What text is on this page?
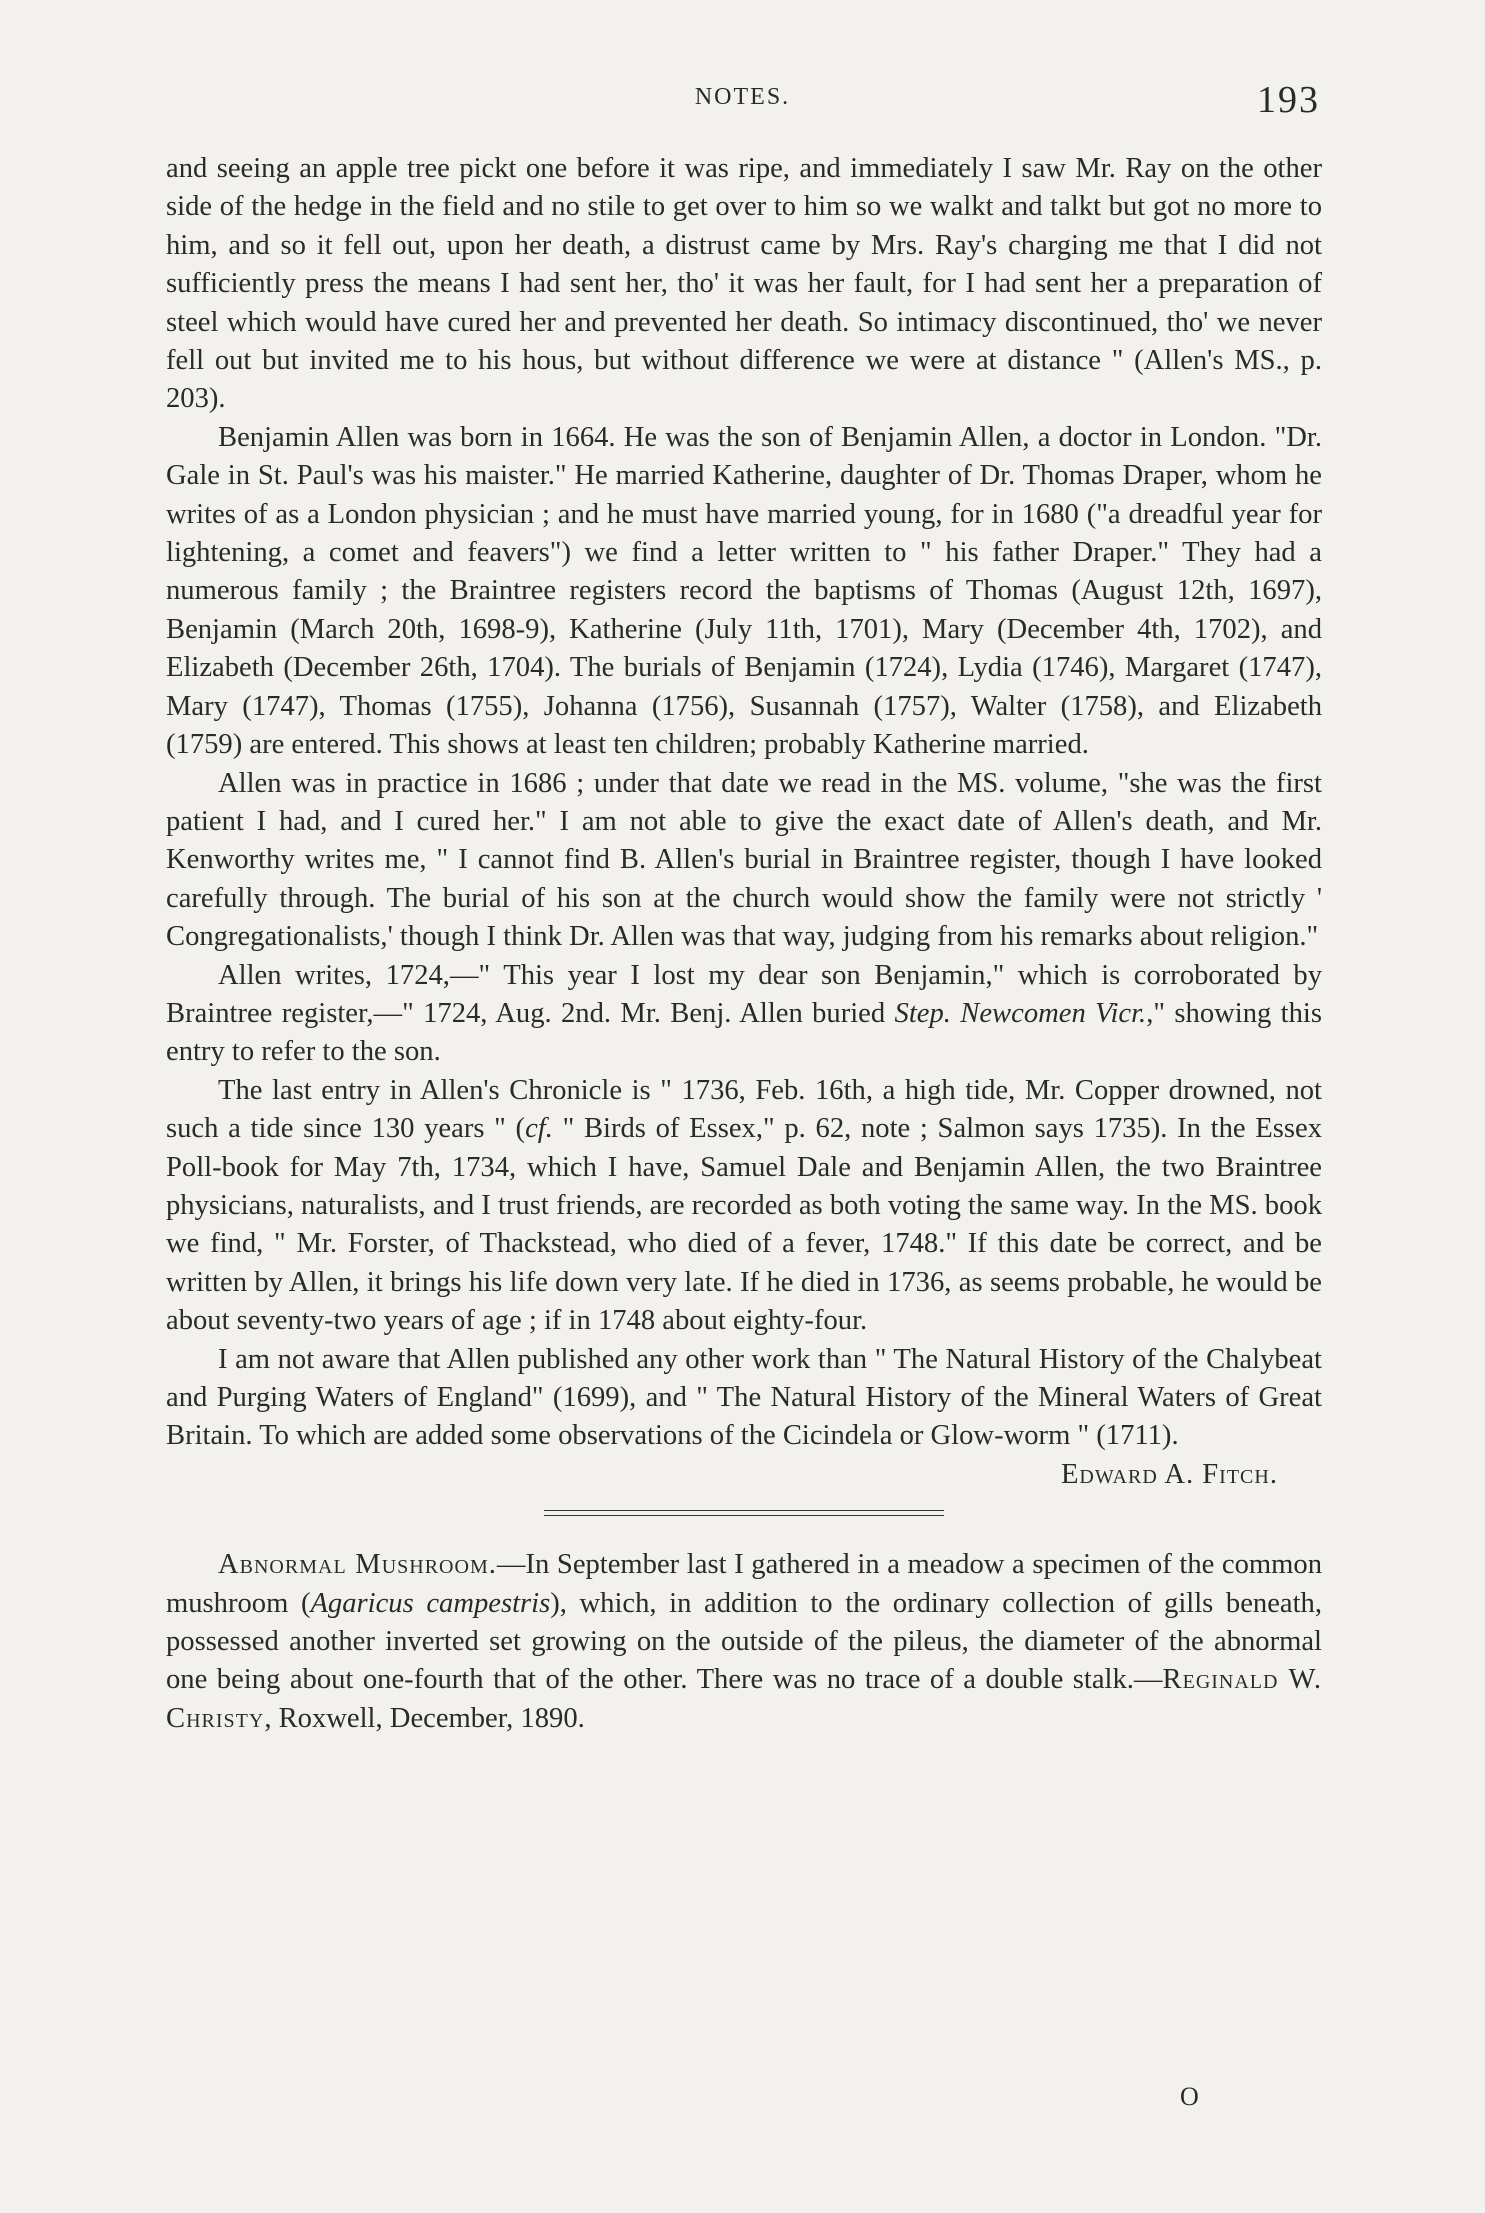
NOTES.	193

and seeing an apple tree pickt one before it was ripe, and immediately I saw Mr. Ray on the other side of the hedge in the field and no stile to get over to him so we walkt and talkt but got no more to him, and so it fell out, upon her death, a distrust came by Mrs. Ray's charging me that I did not sufficiently press the means I had sent her, tho' it was her fault, for I had sent her a preparation of steel which would have cured her and prevented her death. So intimacy discontinued, tho' we never fell out but invited me to his hous, but without difference we were at distance " (Allen's MS., p. 203).

Benjamin Allen was born in 1664. He was the son of Benjamin Allen, a doctor in London. "Dr. Gale in St. Paul's was his maister." He married Katherine, daughter of Dr. Thomas Draper, whom he writes of as a London physician ; and he must have married young, for in 1680 ("a dreadful year for lightening, a comet and feavers") we find a letter written to " his father Draper." They had a numerous family ; the Braintree registers record the baptisms of Thomas (August 12th, 1697), Benjamin (March 20th, 1698-9), Katherine (July 11th, 1701), Mary (December 4th, 1702), and Elizabeth (December 26th, 1704). The burials of Benjamin (1724), Lydia (1746), Margaret (1747), Mary (1747), Thomas (1755), Johanna (1756), Susannah (1757), Walter (1758), and Elizabeth (1759) are entered. This shows at least ten children; probably Katherine married.

Allen was in practice in 1686 ; under that date we read in the MS. volume, "she was the first patient I had, and I cured her." I am not able to give the exact date of Allen's death, and Mr. Kenworthy writes me, " I cannot find B. Allen's burial in Braintree register, though I have looked carefully through. The burial of his son at the church would show the family were not strictly ' Congregationalists,' though I think Dr. Allen was that way, judging from his remarks about religion."

Allen writes, 1724,—" This year I lost my dear son Benjamin," which is corroborated by Braintree register,—" 1724, Aug. 2nd. Mr. Benj. Allen buried Step. Newcomen Vicr.," showing this entry to refer to the son.

The last entry in Allen's Chronicle is " 1736, Feb. 16th, a high tide, Mr. Copper drowned, not such a tide since 130 years " (cf. " Birds of Essex," p. 62, note ; Salmon says 1735). In the Essex Poll-book for May 7th, 1734, which I have, Samuel Dale and Benjamin Allen, the two Braintree physicians, naturalists, and I trust friends, are recorded as both voting the same way. In the MS. book we find, " Mr. Forster, of Thackstead, who died of a fever, 1748." If this date be correct, and be written by Allen, it brings his life down very late. If he died in 1736, as seems probable, he would be about seventy-two years of age ; if in 1748 about eighty-four.

I am not aware that Allen published any other work than " The Natural History of the Chalybeat and Purging Waters of England" (1699), and " The Natural History of the Mineral Waters of Great Britain. To which are added some observations of the Cicindela or Glow-worm " (1711).

Edward A. Fitch.

Abnormal Mushroom.—In September last I gathered in a meadow a specimen of the common mushroom (Agaricus campestris), which, in addition to the ordinary collection of gills beneath, possessed another inverted set growing on the outside of the pileus, the diameter of the abnormal one being about one-fourth that of the other. There was no trace of a double stalk.—Reginald W. Christy, Roxwell, December, 1890.

O
